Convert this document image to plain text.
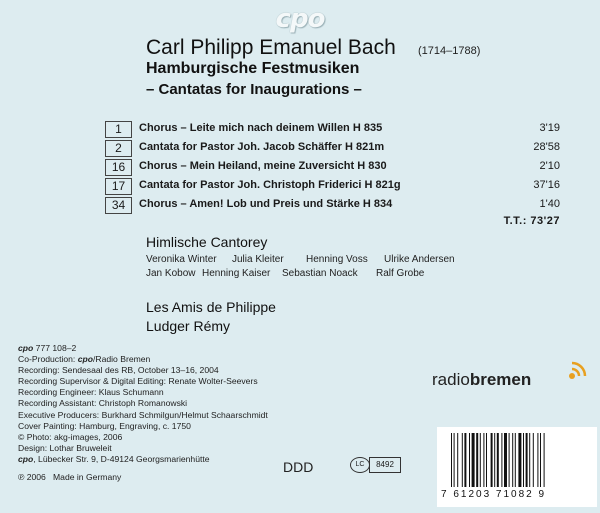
cpo
Carl Philipp Emanuel Bach (1714–1788)
Hamburgische Festmusiken
– Cantatas for Inaugurations –
1	Chorus – Leite mich nach deinem Willen H 835	3'19
2	Cantata for Pastor Joh. Jacob Schäffer H 821m	28'58
16	Chorus – Mein Heiland, meine Zuversicht H 830	2'10
17	Cantata for Pastor Joh. Christoph Friderici H 821g	37'16
34	Chorus – Amen! Lob und Preis und Stärke H 834	1'40
T.T.: 73'27
Himlische Cantorey
Veronika Winter Julia Kleiter Henning Voss Ulrike Andersen
Jan Kobow Henning Kaiser Sebastian Noack Ralf Grobe
Les Amis de Philippe
Ludger Rémy
cpo 777 108–2
Co-Production: cpo/Radio Bremen
Recording: Sendesaal des RB, October 13–16, 2004
Recording Supervisor & Digital Editing: Renate Wolter-Seevers
Recording Engineer: Klaus Schumann
Recording Assistant: Christoph Romanowski
Executive Producers: Burkhard Schmilgun/Helmut Schaarschmidt
Cover Painting: Hamburg, Engraving, c. 1750
© Photo: akg-images, 2006
Design: Lothar Bruweleit
cpo, Lübecker Str. 9, D-49124 Georgsmarienhütte
℗ 2006 Made in Germany
radiobremen
DDD	LC	8492
7 61203 71082 9
